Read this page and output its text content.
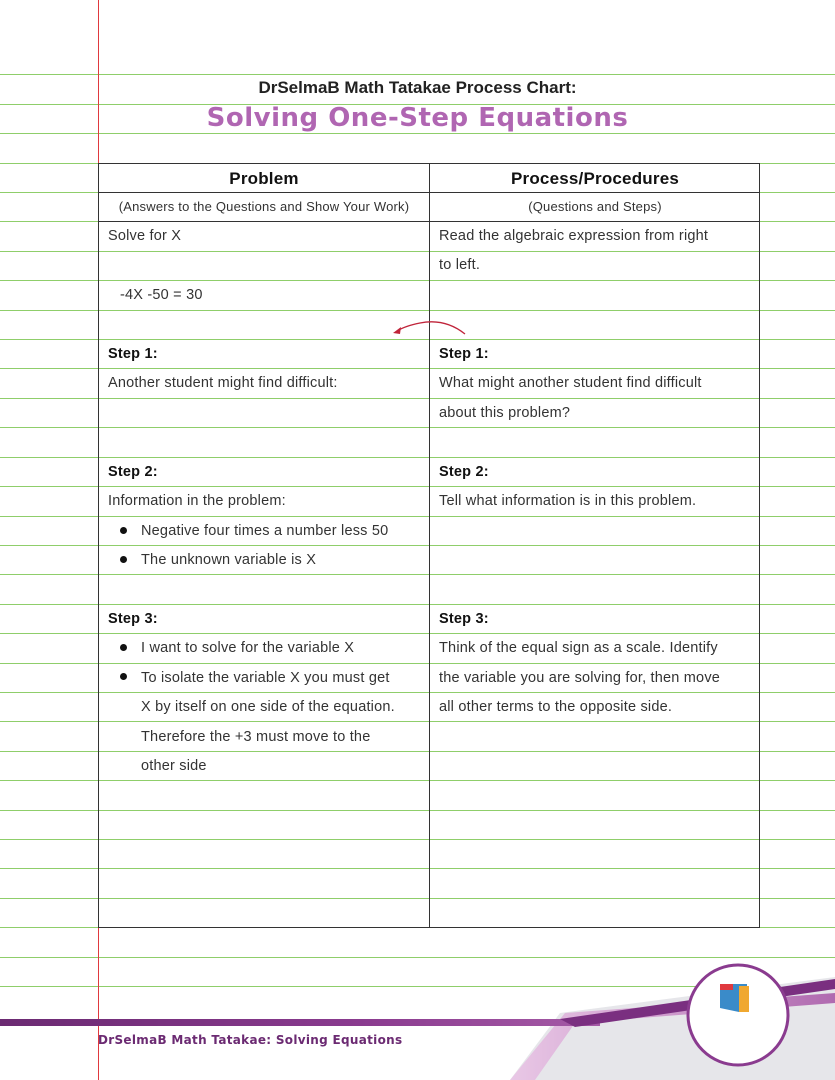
DrSelmaB Math Tatakae Process Chart:
Solving One-Step Equations
Problem	Process/Procedures
(Answers to the Questions and Show Your Work)	(Questions and Steps)
Solve for X
-4X -50 = 30
Read the algebraic expression from right
to left.
Step 1:
Another student might find difficult:
Step 1:
What might another student find difficult
about this problem?
Step 2:
Information in the problem:
Negative four times a number less 50
The unknown variable is X
Step 2:
Tell what information is in this problem.
Step 3:
I want to solve for the variable X
To isolate the variable X you must get
X by itself on one side of the equation.
Therefore the +3 must move to the
other side
Step 3:
Think of the equal sign as a scale. Identify
the variable you are solving for, then move
all other terms to the opposite side.
DrSelmaB Math Tatakae: Solving Equations
